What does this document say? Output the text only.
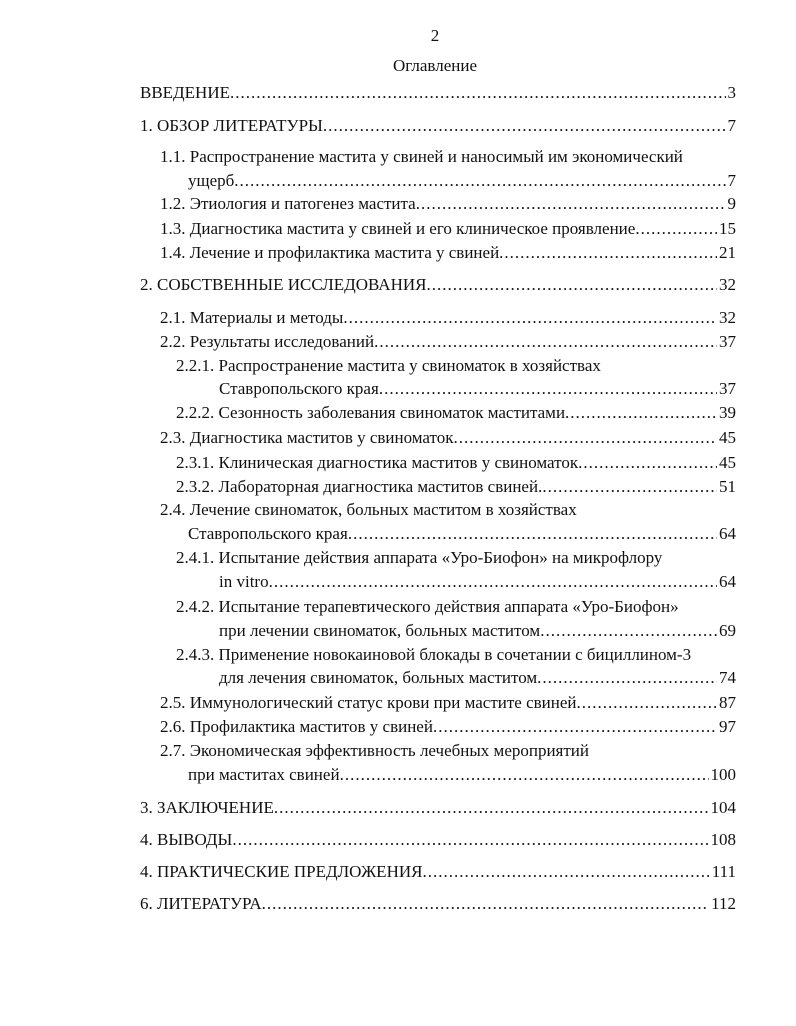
2
Оглавление
ВВЕДЕНИЕ .....	3
1. ОБЗОР ЛИТЕРАТУРЫ .....	7
1.1. Распространение мастита у свиней и наносимый им экономический
ущерб .....	7
1.2. Этиология и патогенез мастита .....	9
1.3. Диагностика мастита у свиней и его клиническое проявление .....	15
1.4. Лечение и профилактика мастита у свиней .....	21
2. СОБСТВЕННЫЕ ИССЛЕДОВАНИЯ .....	32
2.1. Материалы и методы .....	32
2.2. Результаты исследований .....	37
2.2.1. Распространение мастита у свиноматок в хозяйствах
Ставропольского края .....	37
2.2.2. Сезонность заболевания свиноматок маститами .....	39
2.3. Диагностика маститов у свиноматок .....	45
2.3.1. Клиническая диагностика маститов у свиноматок .....	45
2.3.2. Лабораторная диагностика маститов свиней. .....	51
2.4. Лечение свиноматок, больных маститом в хозяйствах
Ставропольского края .....	64
2.4.1. Испытание действия аппарата «Уро-Биофон» на микрофлору
in vitro .....	64
2.4.2. Испытание терапевтического действия аппарата «Уро-Биофон»
при лечении свиноматок, больных маститом .....	69
2.4.3. Применение новокаиновой блокады в сочетании с бициллином-3
для лечения свиноматок, больных маститом .....	74
2.5. Иммунологический статус крови при мастите свиней .....	87
2.6. Профилактика маститов у свиней .....	97
2.7. Экономическая эффективность лечебных мероприятий
при маститах свиней .....	100
3. ЗАКЛЮЧЕНИЕ .....	104
4. ВЫВОДЫ .....	108
4. ПРАКТИЧЕСКИЕ ПРЕДЛОЖЕНИЯ .....	111
6. ЛИТЕРАТУРА .....	112
